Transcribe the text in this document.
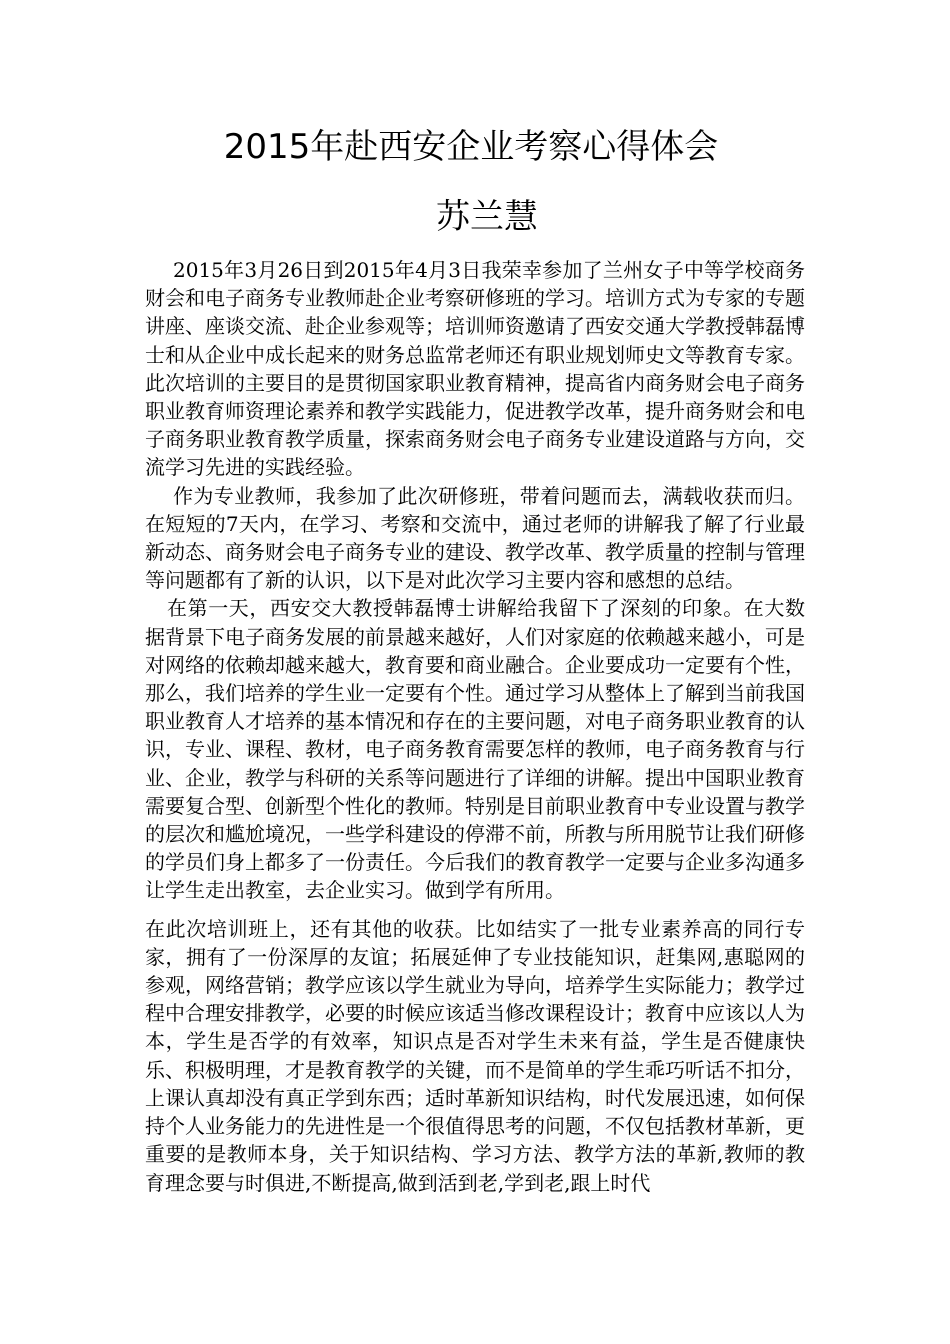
2015年赴西安企业考察心得体会
苏兰慧

2015年3月26日到2015年4月3日我荣幸参加了兰州女子中等学校商务财会和电子商务专业教师赴企业考察研修班的学习。培训方式为专家的专题讲座、座谈交流、赴企业参观等；培训师资邀请了西安交通大学教授韩磊博士和从企业中成长起来的财务总监常老师还有职业规划师史文等教育专家。此次培训的主要目的是贯彻国家职业教育精神，提高省内商务财会电子商务职业教育师资理论素养和教学实践能力，促进教学改革，提升商务财会和电子商务职业教育教学质量，探索商务财会电子商务专业建设道路与方向，交流学习先进的实践经验。

作为专业教师，我参加了此次研修班，带着问题而去，满载收获而归。在短短的7天内，在学习、考察和交流中，通过老师的讲解我了解了行业最新动态、商务财会电子商务专业的建设、教学改革、教学质量的控制与管理等问题都有了新的认识，以下是对此次学习主要内容和感想的总结。

在第一天，西安交大教授韩磊博士讲解给我留下了深刻的印象。在大数据背景下电子商务发展的前景越来越好，人们对家庭的依赖越来越小，可是对网络的依赖却越来越大，教育要和商业融合。企业要成功一定要有个性，那么，我们培养的学生业一定要有个性。通过学习从整体上了解到当前我国职业教育人才培养的基本情况和存在的主要问题，对电子商务职业教育的认识，专业、课程、教材，电子商务教育需要怎样的教师，电子商务教育与行业、企业，教学与科研的关系等问题进行了详细的讲解。提出中国职业教育需要复合型、创新型个性化的教师。特别是目前职业教育中专业设置与教学的层次和尴尬境况，一些学科建设的停滞不前，所教与所用脱节让我们研修的学员们身上都多了一份责任。今后我们的教育教学一定要与企业多沟通多让学生走出教室，去企业实习。做到学有所用。

在此次培训班上，还有其他的收获。比如结实了一批专业素养高的同行专家，拥有了一份深厚的友谊；拓展延伸了专业技能知识，赶集网,惠聪网的参观，网络营销；教学应该以学生就业为导向，培养学生实际能力；教学过程中合理安排教学，必要的时候应该适当修改课程设计；教育中应该以人为本，学生是否学的有效率，知识点是否对学生未来有益，学生是否健康快乐、积极明理，才是教育教学的关键，而不是简单的学生乖巧听话不扣分，上课认真却没有真正学到东西；适时革新知识结构，时代发展迅速，如何保持个人业务能力的先进性是一个很值得思考的问题，不仅包括教材革新，更重要的是教师本身，关于知识结构、学习方法、教学方法的革新,教师的教育理念要与时俱进,不断提高,做到活到老,学到老,跟上时代
